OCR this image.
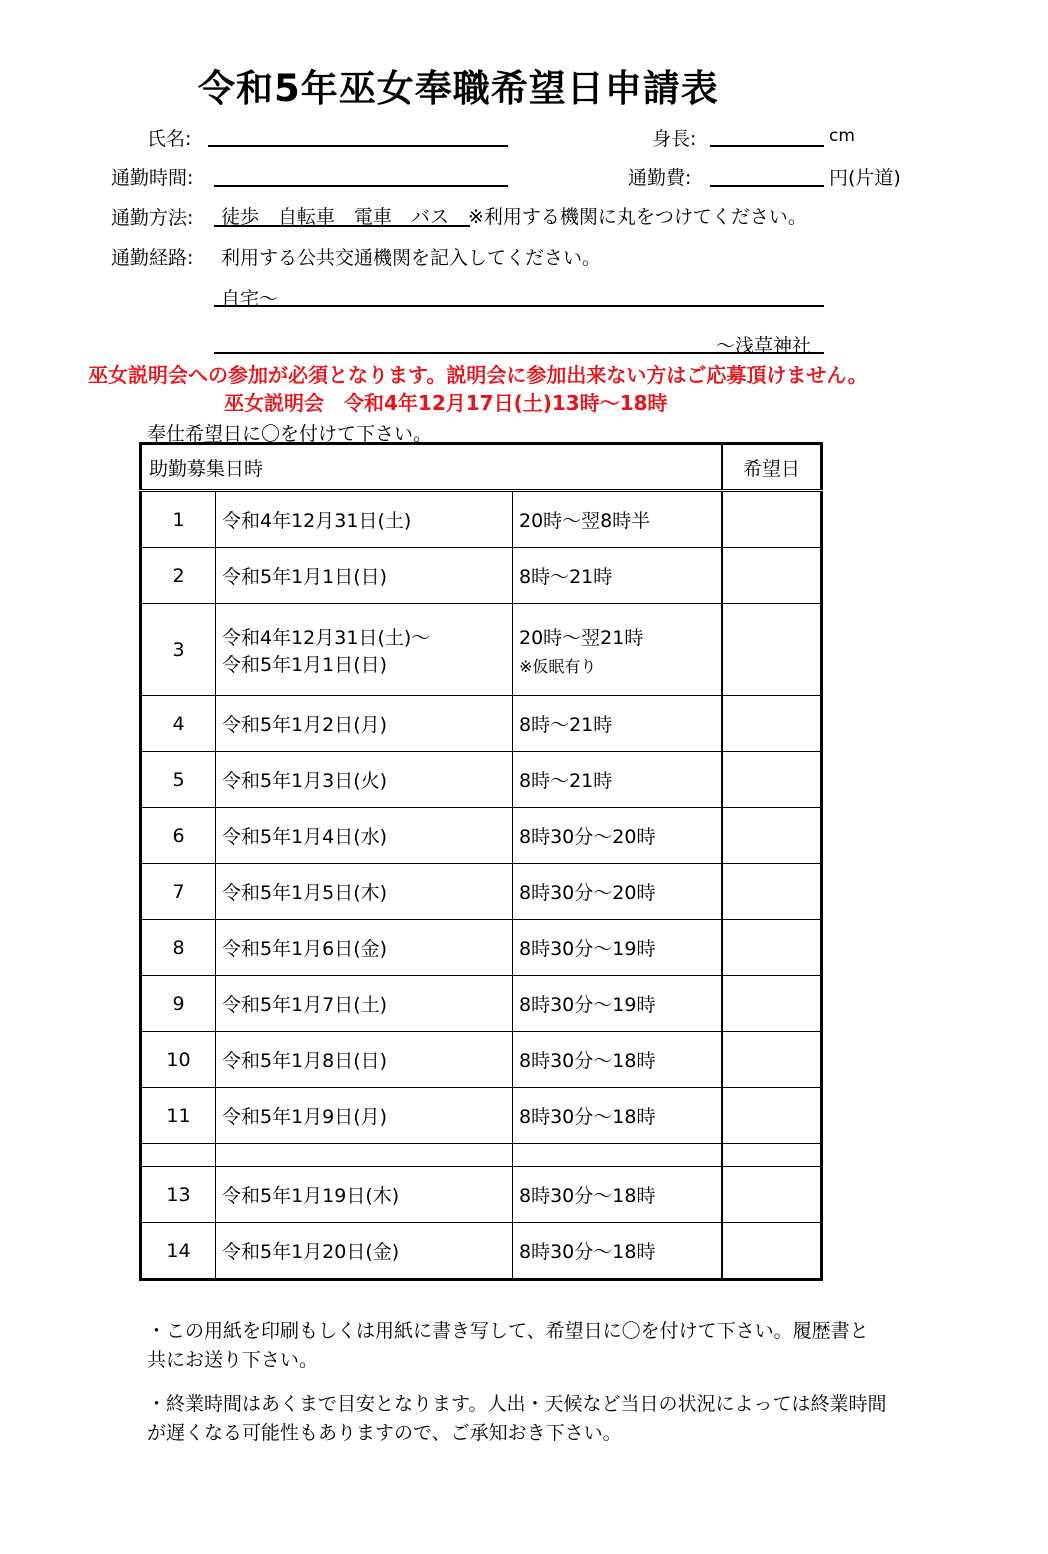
令和5年巫女奉職希望日申請表
氏名:	身長:	cm
通勤時間:	通勤費:	円(片道)
通勤方法: 徒歩　自転車　電車　バス　※利用する機関に丸をつけてください。
通勤経路: 利用する公共交通機関を記入してください。
自宅〜
〜浅草神社
巫女説明会への参加が必須となります。説明会に参加出来ない方はご応募頂けません。
巫女説明会　令和4年12月17日(土)13時〜18時
奉仕希望日に〇を付けて下さい。
助勤募集日時			希望日
1	令和4年12月31日(土)	20時〜翌8時半	
2	令和5年1月1日(日)	8時〜21時	
3	令和4年12月31日(土)〜
令和5年1月1日(日)	20時〜翌21時
※仮眠有り	

4	令和5年1月2日(月)	8時〜21時	
5	令和5年1月3日(火)	8時〜21時	
6	令和5年1月4日(水)	8時30分〜20時	
7	令和5年1月5日(木)	8時30分〜20時	
8	令和5年1月6日(金)	8時30分〜19時	
9	令和5年1月7日(土)	8時30分〜19時	
10	令和5年1月8日(日)	8時30分〜18時	
11	令和5年1月9日(月)	8時30分〜18時	

13	令和5年1月19日(木)	8時30分〜18時	
14	令和5年1月20日(金)	8時30分〜18時	
・この用紙を印刷もしくは用紙に書き写して、希望日に〇を付けて下さい。履歴書と共にお送り下さい。
・終業時間はあくまで目安となります。人出・天候など当日の状況によっては終業時間が遅くなる可能性もありますので、ご承知おき下さい。
